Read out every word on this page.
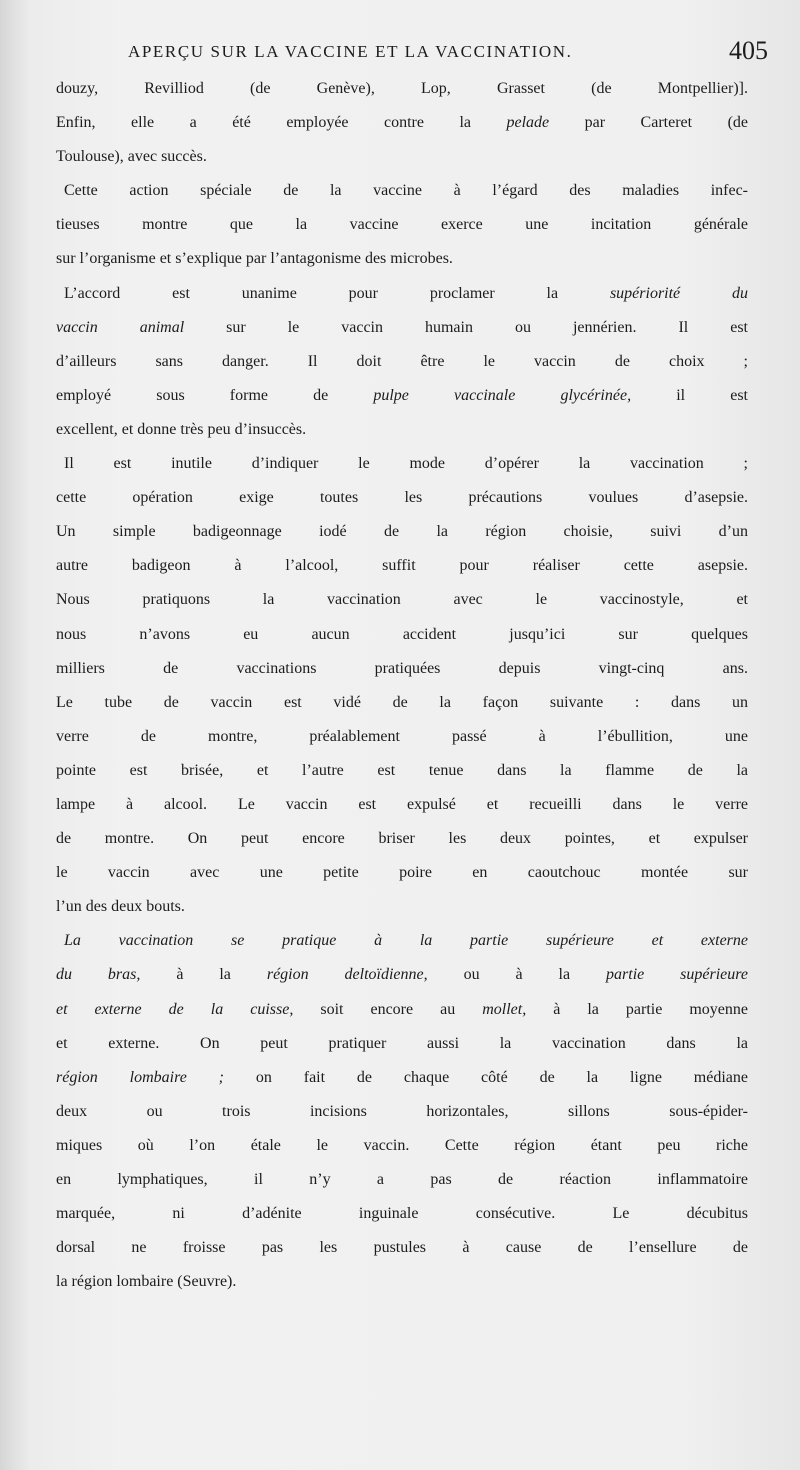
APERÇU SUR LA VACCINE ET LA VACCINATION.	405
douzy, Revilliod (de Genève), Lop, Grasset (de Montpellier)].
Enfin, elle a été employée contre la pelade par Carteret (de
Toulouse), avec succès.
Cette action spéciale de la vaccine à l’égard des maladies infec-
tieuses montre que la vaccine exerce une incitation générale
sur l’organisme et s’explique par l’antagonisme des microbes.
L’accord est unanime pour proclamer la supériorité du
vaccin animal sur le vaccin humain ou jennérien. Il est
d’ailleurs sans danger. Il doit être le vaccin de choix ;
employé sous forme de pulpe vaccinale glycérinée, il est
excellent, et donne très peu d’insuccès.
Il est inutile d’indiquer le mode d’opérer la vaccination ;
cette opération exige toutes les précautions voulues d’asepsie.
Un simple badigeonnage iodé de la région choisie, suivi d’un
autre badigeon à l’alcool, suffit pour réaliser cette asepsie.
Nous pratiquons la vaccination avec le vaccinostyle, et
nous n’avons eu aucun accident jusqu’ici sur quelques
milliers de vaccinations pratiquées depuis vingt-cinq ans.
Le tube de vaccin est vidé de la façon suivante : dans un
verre de montre, préalablement passé à l’ébullition, une
pointe est brisée, et l’autre est tenue dans la flamme de la
lampe à alcool. Le vaccin est expulsé et recueilli dans le verre
de montre. On peut encore briser les deux pointes, et expulser
le vaccin avec une petite poire en caoutchouc montée sur
l’un des deux bouts.
La vaccination se pratique à la partie supérieure et externe
du bras, à la région deltoïdienne, ou à la partie supérieure
et externe de la cuisse, soit encore au mollet, à la partie moyenne
et externe. On peut pratiquer aussi la vaccination dans la
région lombaire ; on fait de chaque côté de la ligne médiane
deux ou trois incisions horizontales, sillons sous-épider-
miques où l’on étale le vaccin. Cette région étant peu riche
en lymphatiques, il n’y a pas de réaction inflammatoire
marquée, ni d’adénite inguinale consécutive. Le décubitus
dorsal ne froisse pas les pustules à cause de l’ensellure de
la région lombaire (Seuvre).
